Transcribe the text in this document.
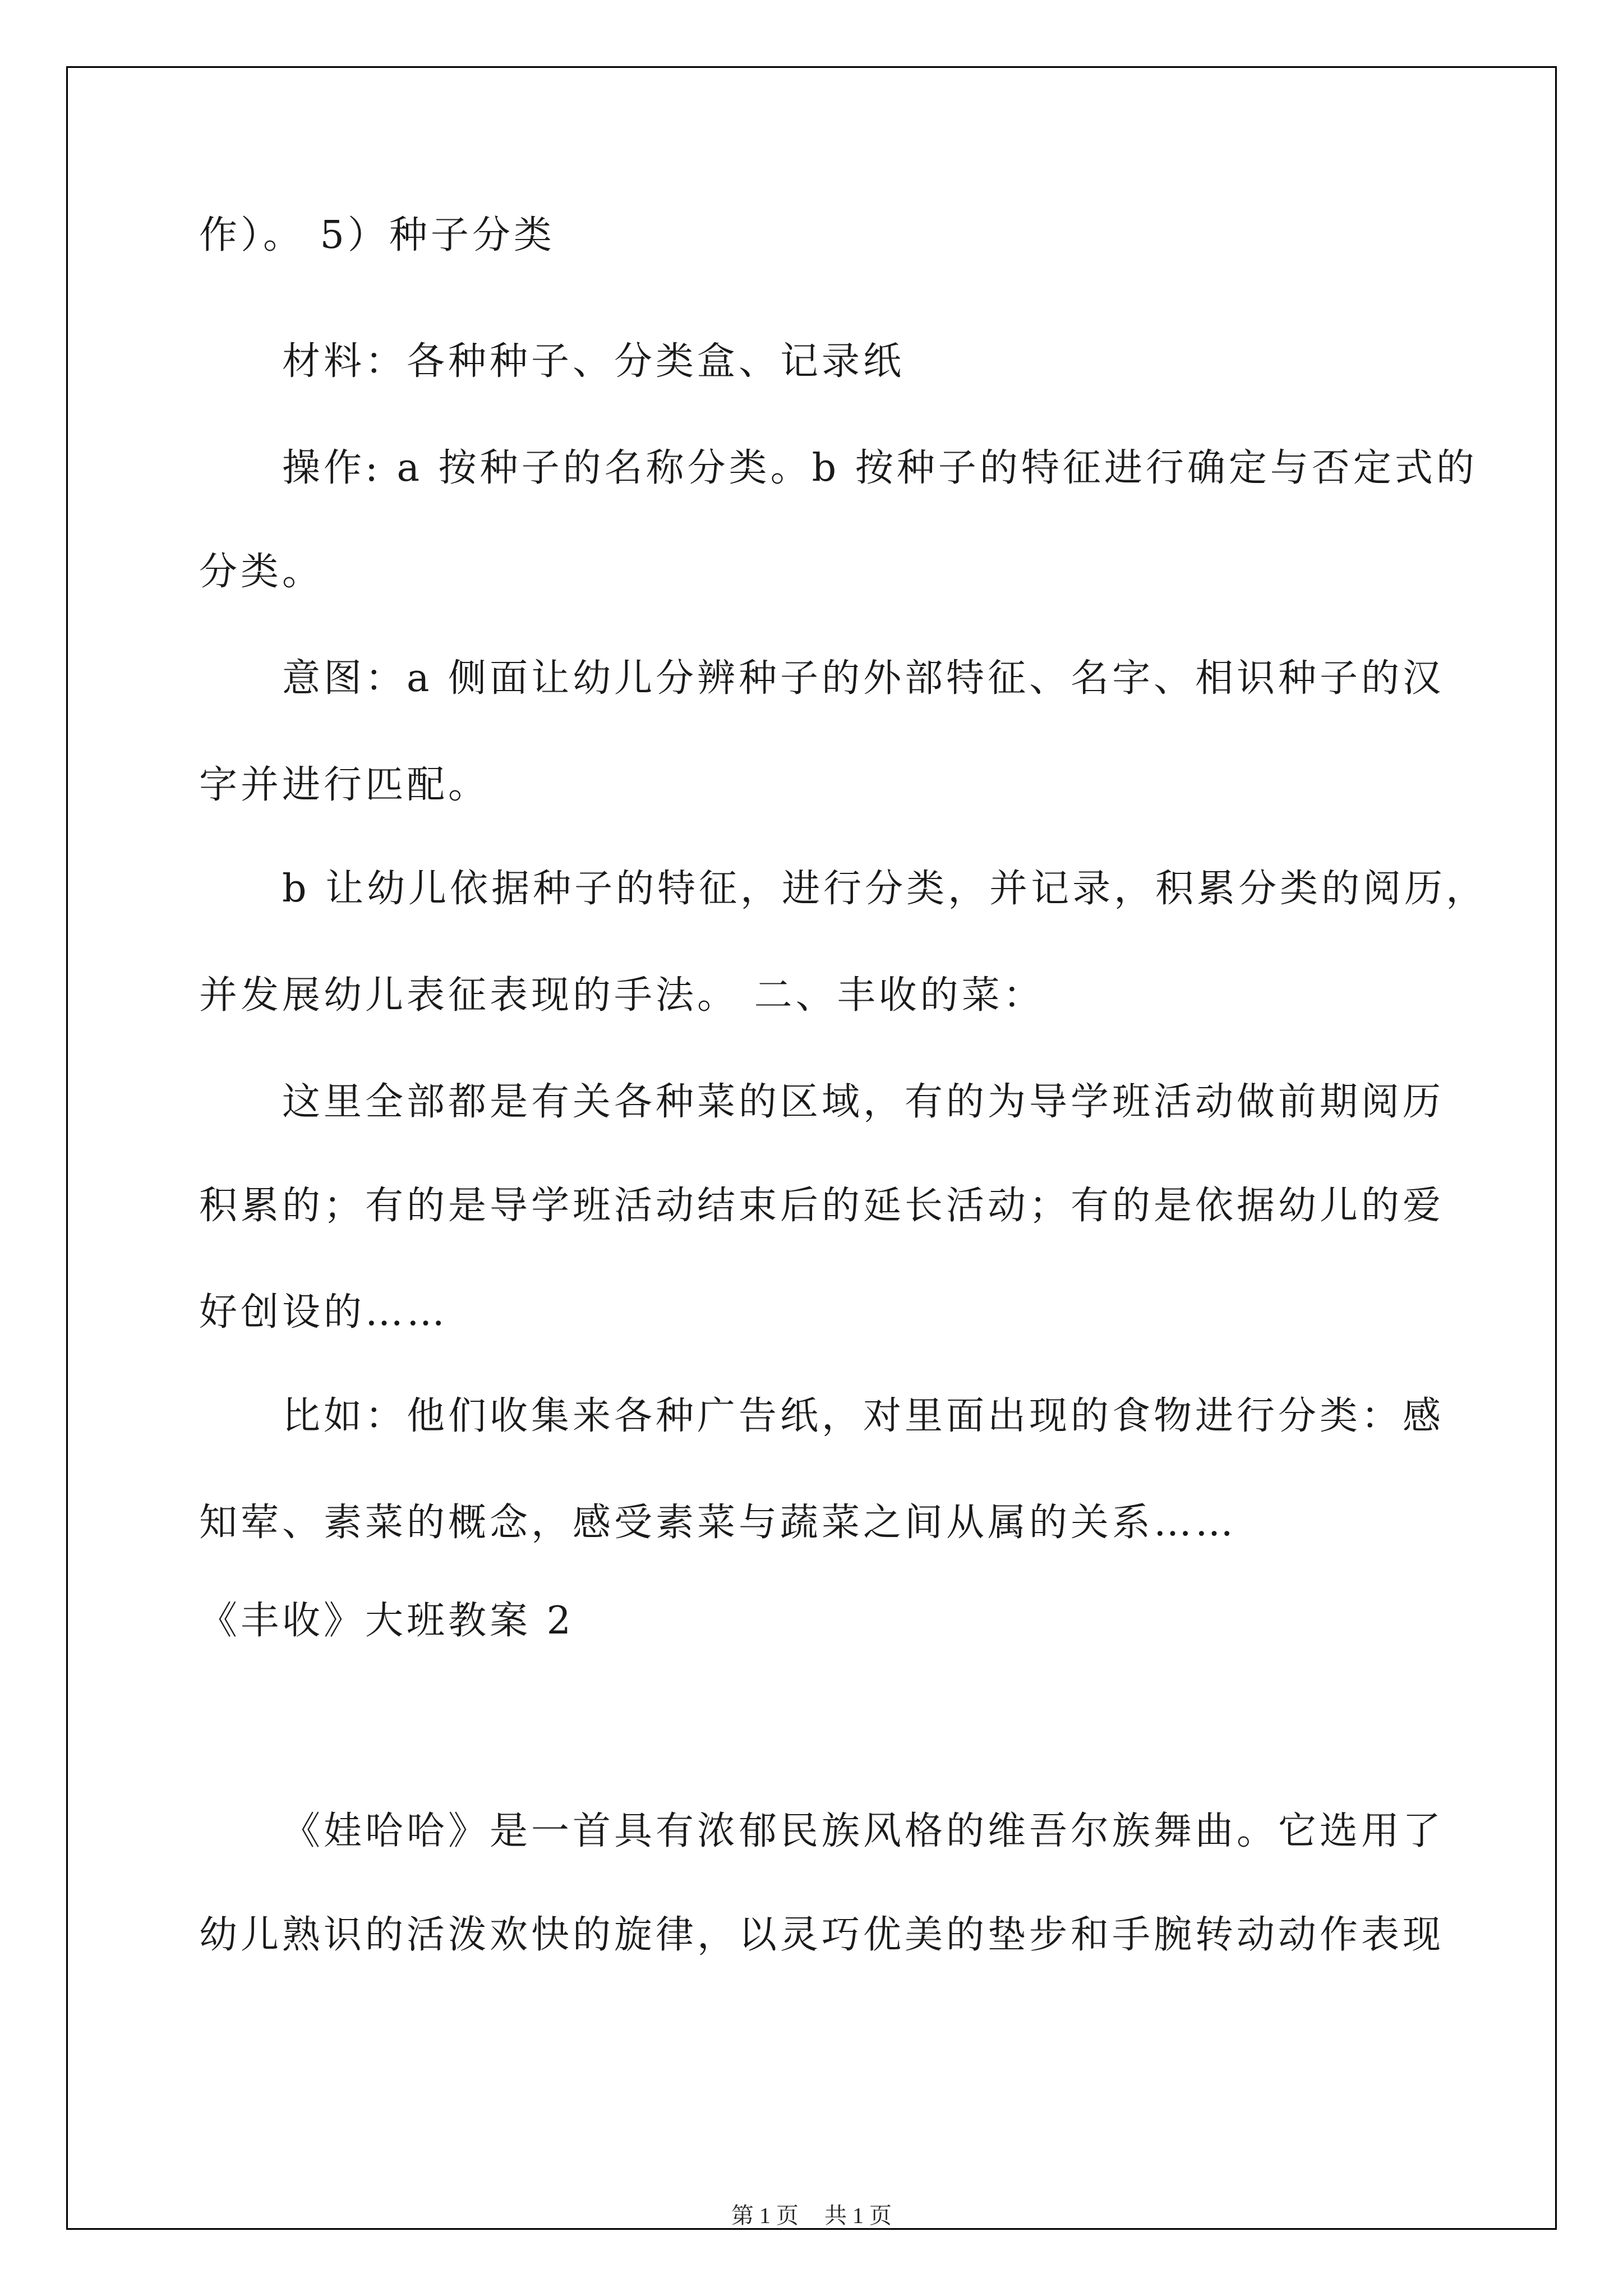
作）。 5）种子分类
材料：各种种子、分类盒、记录纸
操作: a 按种子的名称分类。b 按种子的特征进行确定与否定式的
分类。
意图：a 侧面让幼儿分辨种子的外部特征、名字、相识种子的汉
字并进行匹配。
b 让幼儿依据种子的特征，进行分类，并记录，积累分类的阅历，
并发展幼儿表征表现的手法。 二、丰收的菜：
这里全部都是有关各种菜的区域，有的为导学班活动做前期阅历
积累的；有的是导学班活动结束后的延长活动；有的是依据幼儿的爱
好创设的……
比如：他们收集来各种广告纸，对里面出现的食物进行分类：感
知荤、素菜的概念，感受素菜与蔬菜之间从属的关系……
《丰收》大班教案 2
《娃哈哈》是一首具有浓郁民族风格的维吾尔族舞曲。它选用了
幼儿熟识的活泼欢快的旋律，以灵巧优美的垫步和手腕转动动作表现
第 1 页 共 1 页
